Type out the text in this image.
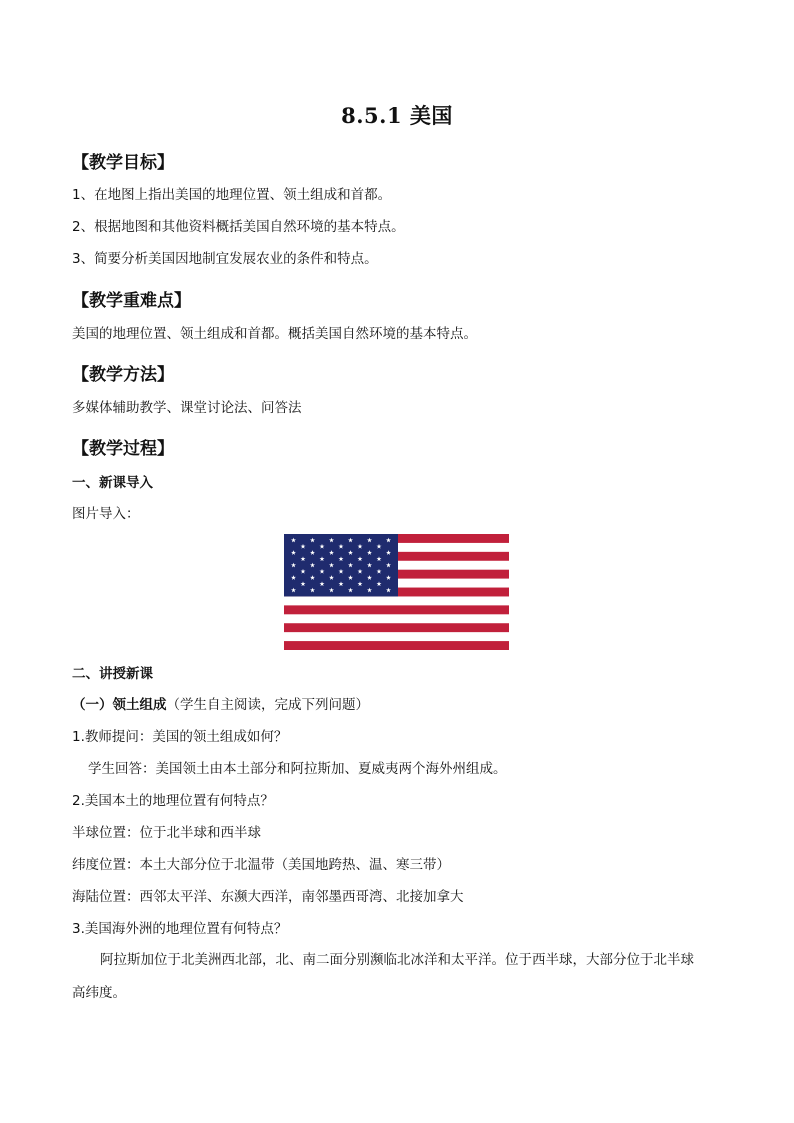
8.5.1 美国
【教学目标】
1、在地图上指出美国的地理位置、领土组成和首都。
2、根据地图和其他资料概括美国自然环境的基本特点。
3、简要分析美国因地制宜发展农业的条件和特点。
【教学重难点】
美国的地理位置、领土组成和首都。概括美国自然环境的基本特点。
【教学方法】
多媒体辅助教学、课堂讨论法、问答法
【教学过程】
一、新课导入
图片导入：
二、讲授新课
（一）领土组成（学生自主阅读，完成下列问题）
1.教师提问：美国的领土组成如何？
学生回答：美国领土由本土部分和阿拉斯加、夏威夷两个海外州组成。
2.美国本土的地理位置有何特点？
半球位置：位于北半球和西半球
纬度位置：本土大部分位于北温带（美国地跨热、温、寒三带）
海陆位置：西邻太平洋、东濒大西洋，南邻墨西哥湾、北接加拿大
3.美国海外洲的地理位置有何特点？
阿拉斯加位于北美洲西北部，北、南二面分别濒临北冰洋和太平洋。位于西半球，大部分位于北半球
高纬度。
